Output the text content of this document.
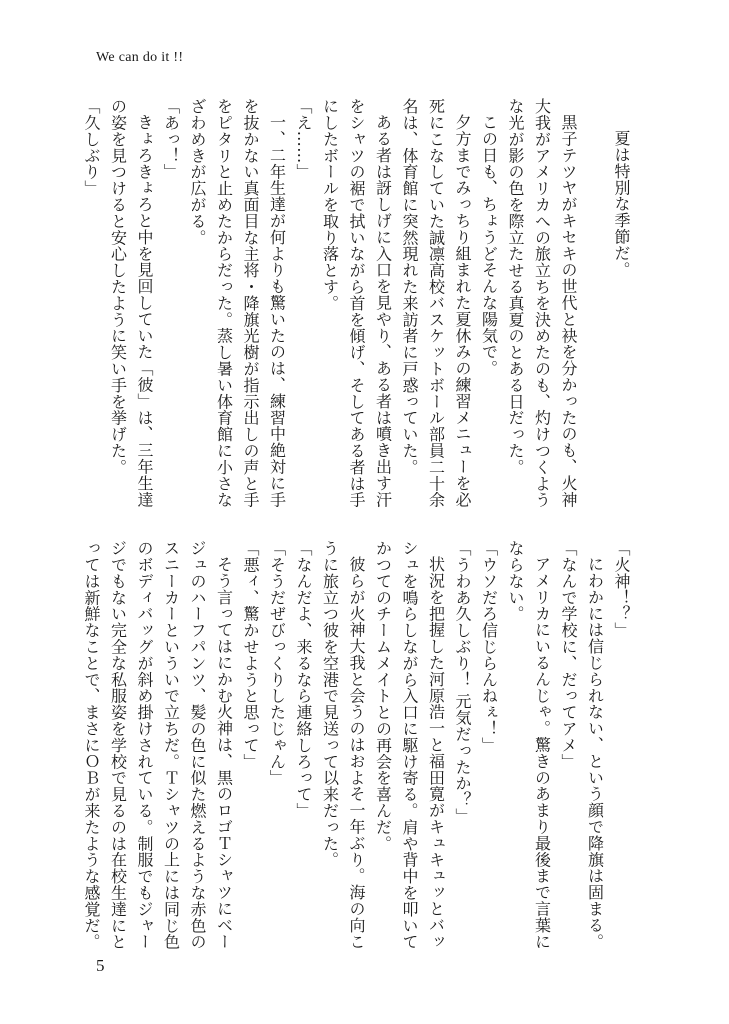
We can do it !!
夏は特別な季節だ。
黒子テツヤがキセキの世代と袂を分かったのも、火神
大我がアメリカへの旅立ちを決めたのも、灼けつくよう
な光が影の色を際立たせる真夏のとある日だった。
この日も、ちょうどそんな陽気で。
夕方までみっちり組まれた夏休みの練習メニューを必
死にこなしていた誠凛高校バスケットボール部員二十余
名は、体育館に突然現れた来訪者に戸惑っていた。
ある者は訝しげに入口を見やり、ある者は噴き出す汗
をシャツの裾で拭いながら首を傾げ、そしてある者は手
にしたボールを取り落とす。
「え……」
一、二年生達が何よりも驚いたのは、練習中絶対に手
を抜かない真面目な主将・降旗光樹が指示出しの声と手
をピタリと止めたからだった。蒸し暑い体育館に小さな
ざわめきが広がる。
「あっ！」
きょろきょろと中を見回していた「彼」は、三年生達
の姿を見つけると安心したように笑い手を挙げた。
「久しぶり」
「火神！？」
にわかには信じられない、という顔で降旗は固まる。
「なんで学校に、だってアメ」
アメリカにいるんじゃ。驚きのあまり最後まで言葉に
ならない。
「ウソだろ信じらんねぇ！」
「うわあ久しぶり！ 元気だったか？」
状況を把握した河原浩一と福田寛がキュキュッとバッ
シュを鳴らしながら入口に駆け寄る。肩や背中を叩いて
かつてのチームメイトとの再会を喜んだ。
彼らが火神大我と会うのはおよそ一年ぶり。海の向こ
うに旅立つ彼を空港で見送って以来だった。
「なんだよ、来るなら連絡しろって」
「そうだぜびっくりしたじゃん」
「悪ィ、驚かせようと思って」
そう言ってはにかむ火神は、黒のロゴＴシャツにベー
ジュのハーフパンツ、髪の色に似た燃えるような赤色の
スニーカーといういで立ちだ。Ｔシャツの上には同じ色
のボディバッグが斜め掛けされている。制服でもジャー
ジでもない完全な私服姿を学校で見るのは在校生達にと
っては新鮮なことで、まさにＯＢが来たような感覚だ。
5
